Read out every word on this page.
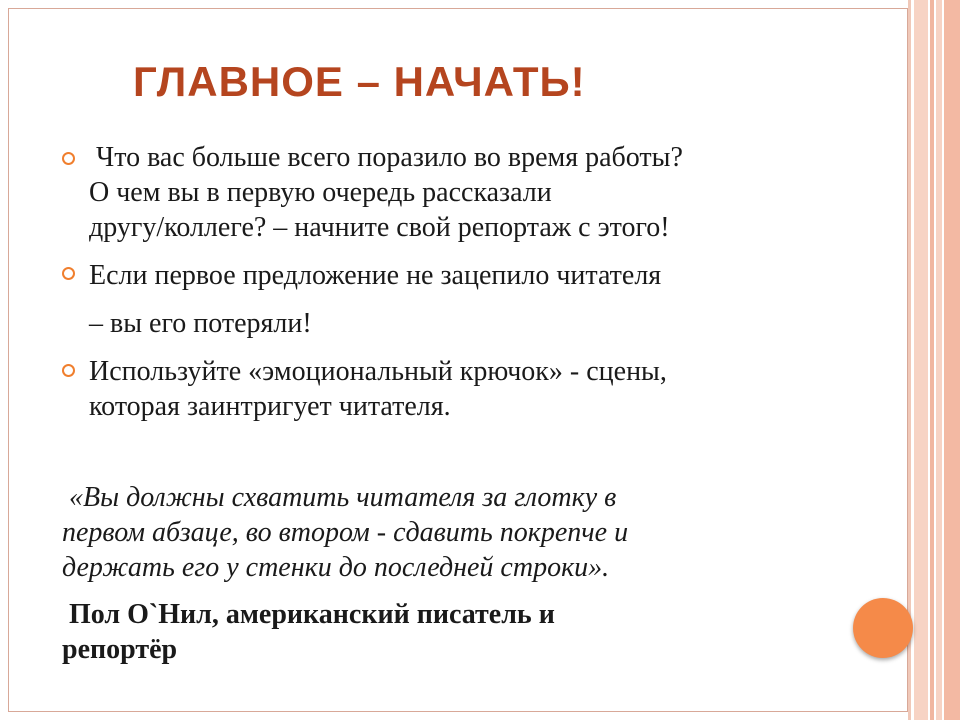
ГЛАВНОЕ – НАЧАТЬ!

Что вас больше всего поразило во время работы?
О чем вы в первую очередь рассказали
другу/коллеге? – начните свой репортаж с этого!

Если первое предложение не зацепило читателя

– вы его потеряли!

Используйте «эмоциональный крючок» - сцены,
которая заинтригует читателя.

«Вы должны схватить читателя за глотку в
первом абзаце, во втором - сдавить покрепче и
держать его у стенки до последней строки».

Пол О`Нил, американский писатель и
репортёр
